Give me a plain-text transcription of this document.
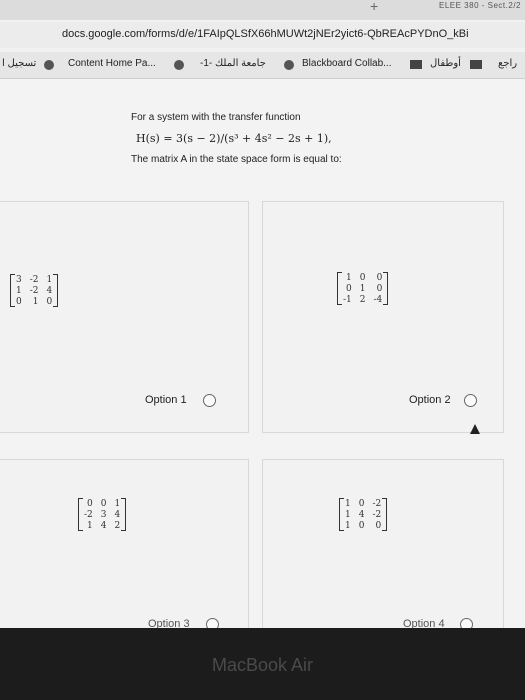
+	ELEE 380 - Sect.2/2
docs.google.com/forms/d/e/1FAIpQLSfX66hMUWt2jNEr2yict6-QbREAcPYDnO_kBi
تسجيل ا	Content Home Pa...	-1- جامعة الملك	Blackboard Collab...	أوطفال	راجع
For a system with the transfer function
H(s) = 3(s − 2)/(s³ + 4s² − 2s + 1),
The matrix A in the state space form is equal to:
3	-2	1
1	-2	4
0	1	0
Option 1
1	0	0
0	1	0
-1	2	-4
Option 2
0	0	1
-2	3	4
1	4	2
Option 3
1	0	-2
1	4	-2
1	0	0
Option 4
MacBook Air
